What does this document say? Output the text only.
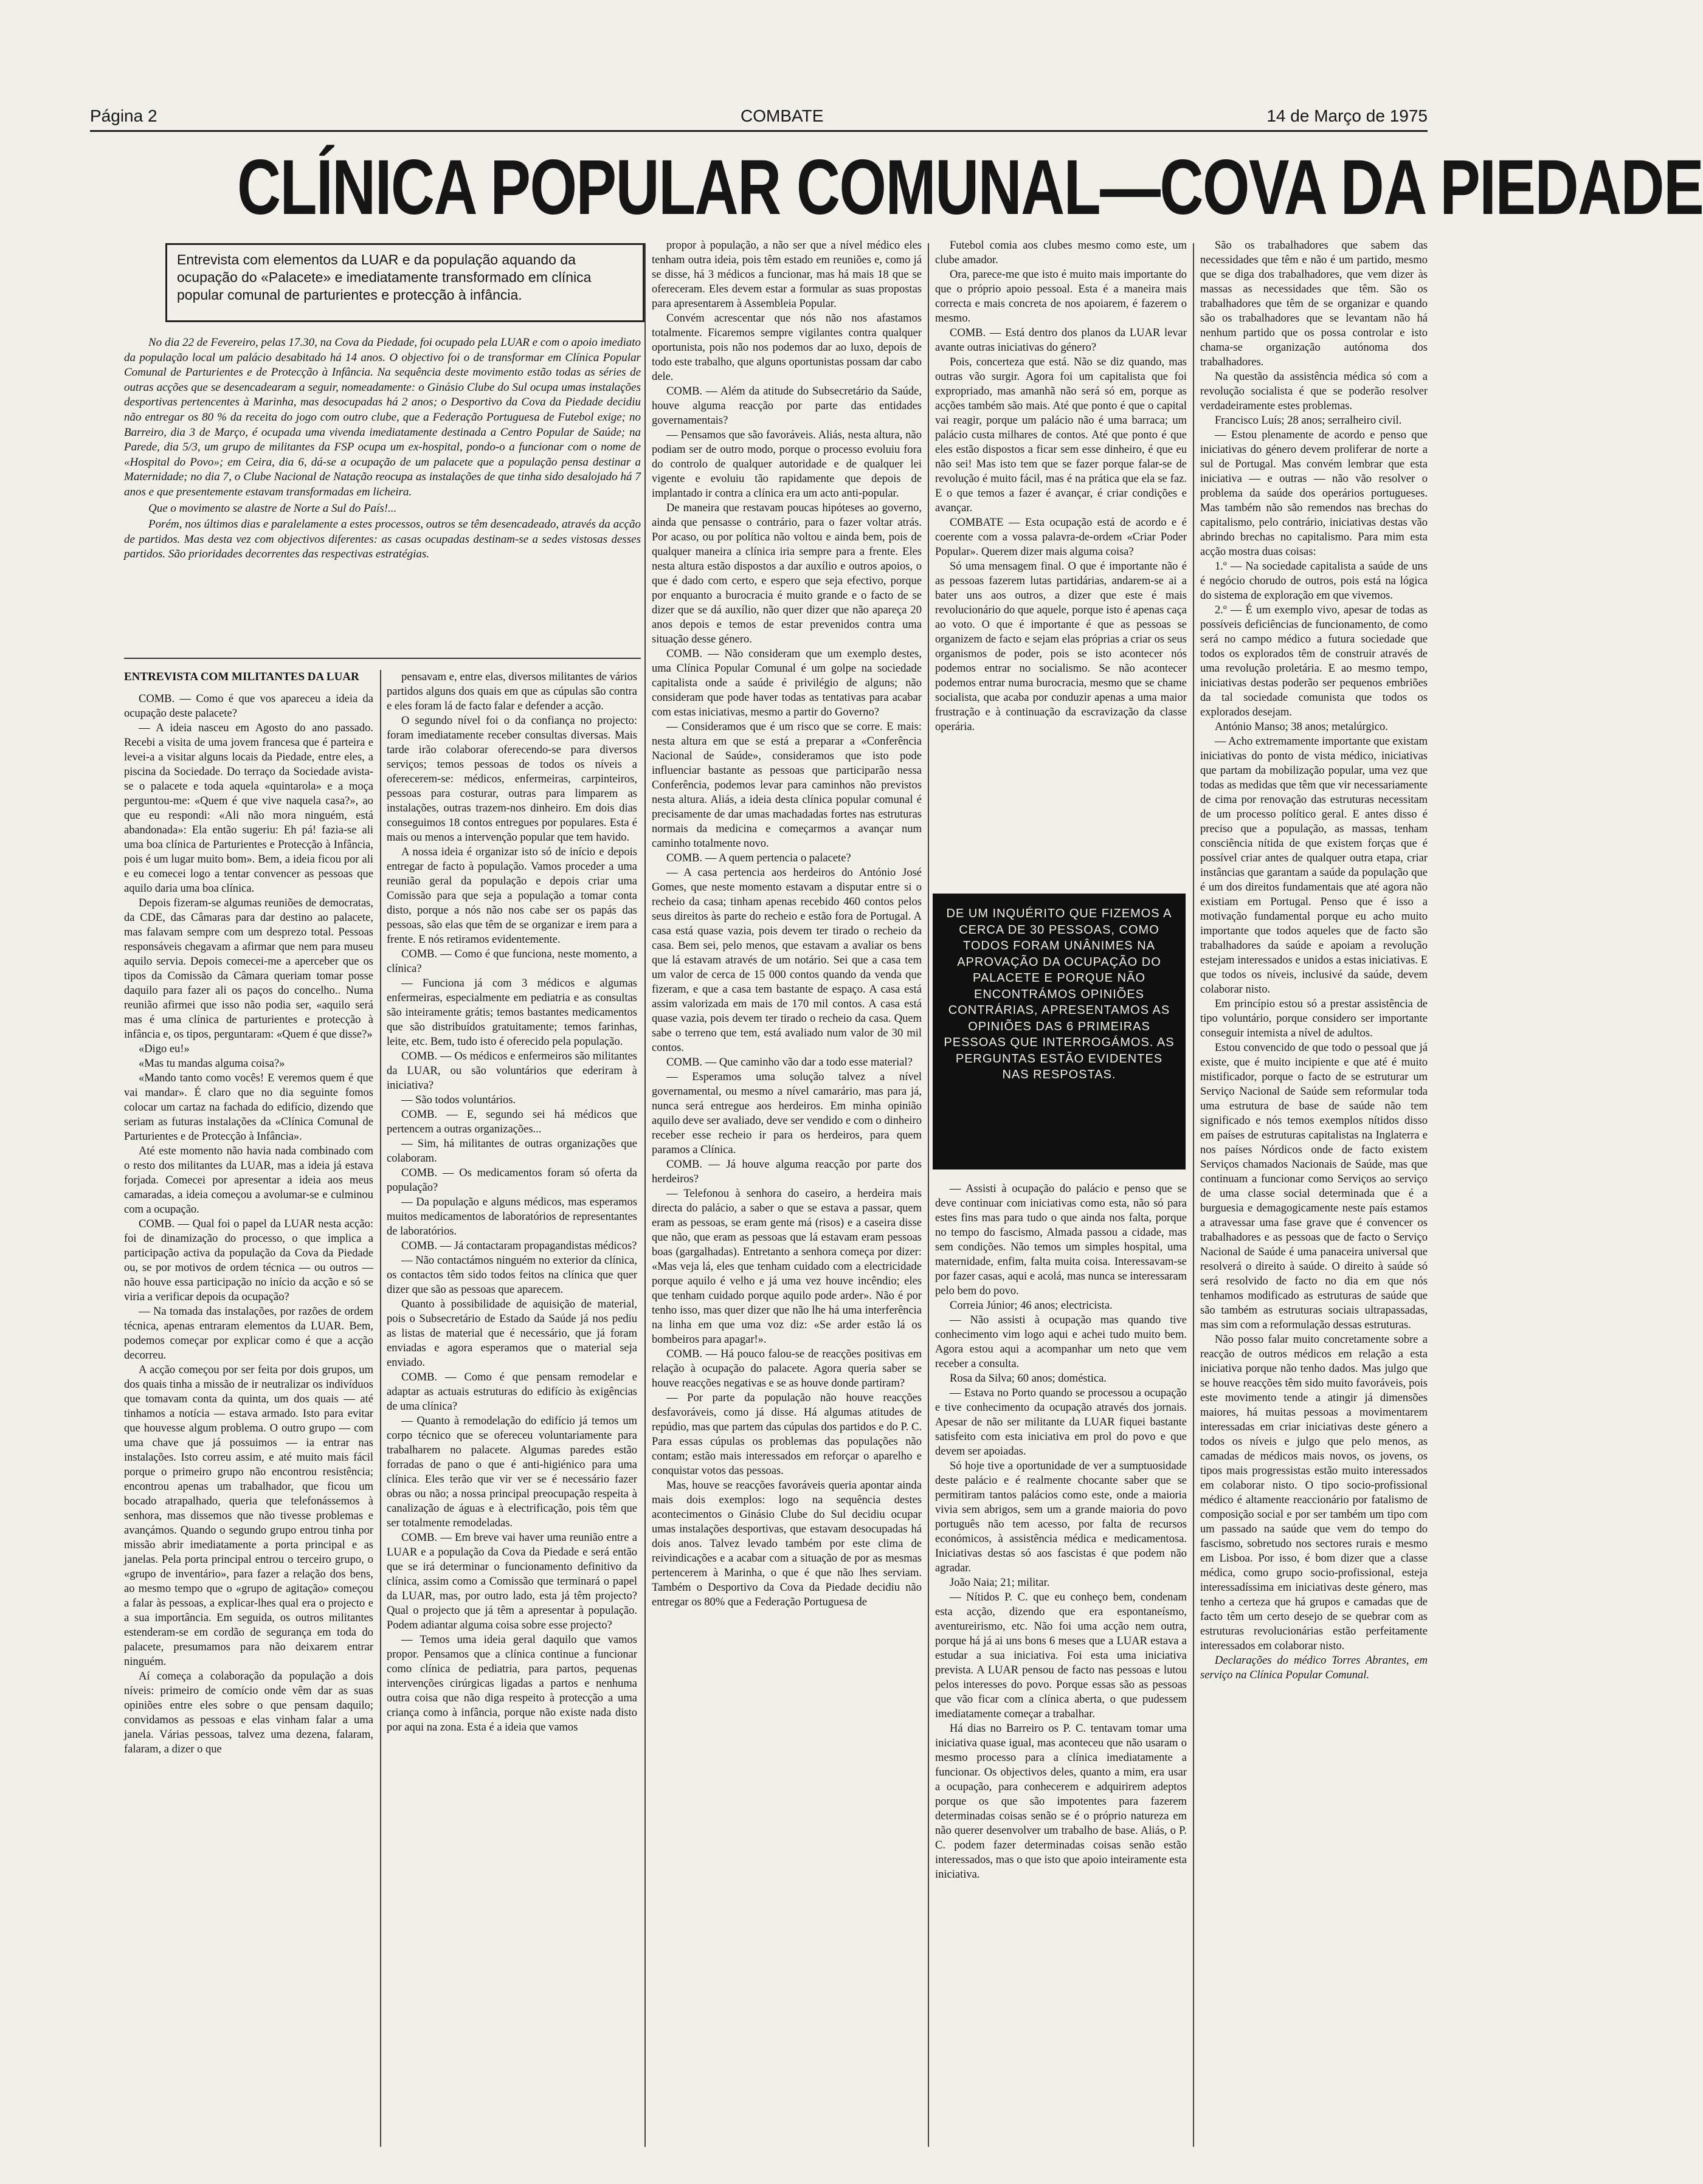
Página 2	COMBATE	14 de Março de 1975
CLÍNICA POPULAR COMUNAL—COVA DA PIEDADE
Entrevista com elementos da LUAR e da população aquando da ocupação do «Palacete» e imediatamente transformado em clínica popular comunal de parturientes e protecção à infância.

No dia 22 de Fevereiro, pelas 17.30, na Cova da Piedade, foi ocupado pela LUAR e com o apoio imediato da população local um palácio desabitado há 14 anos. O objectivo foi o de transformar em Clínica Popular Comunal de Parturientes e de Protecção à Infância. Na sequência deste movimento estão todas as séries de outras acções que se desencadearam a seguir, nomeadamente: o Ginásio Clube do Sul ocupa umas instalações desportivas pertencentes à Marinha, mas desocupadas há 2 anos; o Desportivo da Cova da Piedade decidiu não entregar os 80 % da receita do jogo com outro clube, que a Federação Portuguesa de Futebol exige; no Barreiro, dia 3 de Março, é ocupada uma vivenda imediatamente destinada a Centro Popular de Saúde; na Parede, dia 5/3, um grupo de militantes da FSP ocupa um ex-hospital, pondo-o a funcionar com o nome de «Hospital do Povo»; em Ceira, dia 6, dá-se a ocupação de um palacete que a população pensa destinar a Maternidade; no dia 7, o Clube Nacional de Natação reocupa as instalações de que tinha sido desalojado há 7 anos e que presentemente estavam transformadas em licheira.

Que o movimento se alastre de Norte a Sul do País!...

Porém, nos últimos dias e paralelamente a estes processos, outros se têm desencadeado, através da acção de partidos. Mas desta vez com objectivos diferentes: as casas ocupadas destinam-se a sedes vistosas desses partidos. São prioridades decorrentes das respectivas estratégias.

ENTREVISTA COM MILITANTES DA LUAR

COMB. — Como é que vos apareceu a ideia da ocupação deste palacete?

— A ideia nasceu em Agosto do ano passado. Recebi a visita de uma jovem francesa que é parteira e levei-a a visitar alguns locais da Piedade, entre eles, a piscina da Sociedade. Do terraço da Sociedade avista-se o palacete e toda aquela «quintarola» e a moça perguntou-me: «Quem é que vive naquela casa?», ao que eu respondi: «Ali não mora ninguém, está abandonada»: Ela então sugeriu: Eh pá! fazia-se ali uma boa clínica de Parturientes e Protecção à Infância, pois é um lugar muito bom». Bem, a ideia ficou por ali e eu comecei logo a tentar convencer as pessoas que aquilo daria uma boa clínica.

Depois fizeram-se algumas reuniões de democratas, da CDE, das Câmaras para dar destino ao palacete, mas falavam sempre com um desprezo total. Pessoas responsáveis chegavam a afirmar que nem para museu aquilo servia. Depois comecei-me a aperceber que os tipos da Comissão da Câmara queriam tomar posse daquilo para fazer ali os paços do concelho.. Numa reunião afirmei que isso não podia ser, «aquilo será mas é uma clínica de parturientes e protecção à infância e, os tipos, perguntaram: «Quem é que disse?»

«Digo eu!»

«Mas tu mandas alguma coisa?»

«Mando tanto como vocês! E veremos quem é que vai mandar». É claro que no dia seguinte fomos colocar um cartaz na fachada do edifício, dizendo que seriam as futuras instalações da «Clínica Comunal de Parturientes e de Protecção à Infância».

Até este momento não havia nada combinado com o resto dos militantes da LUAR, mas a ideia já estava forjada. Comecei por apresentar a ideia aos meus camaradas, a ideia começou a avolumar-se e culminou com a ocupação.

COMB. — Qual foi o papel da LUAR nesta acção: foi de dinamização do processo, o que implica a participação activa da população da Cova da Piedade ou, se por motivos de ordem técnica — ou outros — não houve essa participação no início da acção e só se viria a verificar depois da ocupação?

— Na tomada das instalações, por razões de ordem técnica, apenas entraram elementos da LUAR. Bem, podemos começar por explicar como é que a acção decorreu.

A acção começou por ser feita por dois grupos, um dos quais tinha a missão de ir neutralizar os indivíduos que tomavam conta da quinta, um dos quais — até tinhamos a notícia — estava armado. Isto para evitar que houvesse algum problema. O outro grupo — com uma chave que já possuimos — ia entrar nas instalações. Isto correu assim, e até muito mais fácil porque o primeiro grupo não encontrou resistência; encontrou apenas um trabalhador, que ficou um bocado atrapalhado, queria que telefonássemos à senhora, mas dissemos que não tivesse problemas e avançámos. Quando o segundo grupo entrou tinha por missão abrir imediatamente a porta principal e as janelas. Pela porta principal entrou o terceiro grupo, o «grupo de inventário», para fazer a relação dos bens, ao mesmo tempo que o «grupo de agitação» começou a falar às pessoas, a explicar-lhes qual era o projecto e a sua importância. Em seguida, os outros militantes estenderam-se em cordão de segurança em toda do palacete, presumamos para não deixarem entrar ninguém.

Aí começa a colaboração da população a dois níveis: primeiro de comício onde vêm dar as suas opiniões entre eles sobre o que pensam daquilo; convidamos as pessoas e elas vinham falar a uma janela. Várias pessoas, talvez uma dezena, falaram, falaram, a dizer o que

pensavam e, entre elas, diversos militantes de vários partidos alguns dos quais em que as cúpulas são contra e eles foram lá de facto falar e defender a acção.

O segundo nível foi o da confiança no projecto: foram imediatamente receber consultas diversas. Mais tarde irão colaborar oferecendo-se para diversos serviços; temos pessoas de todos os níveis a oferecerem-se: médicos, enfermeiras, carpinteiros, pessoas para costurar, outras para limparem as instalações, outras trazem-nos dinheiro. Em dois dias conseguimos 18 contos entregues por populares. Esta é mais ou menos a intervenção popular que tem havido.

A nossa ideia é organizar isto só de início e depois entregar de facto à população. Vamos proceder a uma reunião geral da população e depois criar uma Comissão para que seja a população a tomar conta disto, porque a nós não nos cabe ser os papás das pessoas, são elas que têm de se organizar e irem para a frente. E nós retiramos evidentemente.

COMB. — Como é que funciona, neste momento, a clínica?

— Funciona já com 3 médicos e algumas enfermeiras, especialmente em pediatria e as consultas são inteiramente grátis; temos bastantes medicamentos que são distribuídos gratuitamente; temos farinhas, leite, etc. Bem, tudo isto é oferecido pela população.

COMB. — Os médicos e enfermeiros são militantes da LUAR, ou são voluntários que ederiram à iniciativa?

— São todos voluntários.

COMB. — E, segundo sei há médicos que pertencem a outras organizações...

— Sim, há militantes de outras organizações que colaboram.

COMB. — Os medicamentos foram só oferta da população?

— Da população e alguns médicos, mas esperamos muitos medicamentos de laboratórios de representantes de laboratórios.

COMB. — Já contactaram propagandistas médicos?

— Não contactámos ninguém no exterior da clínica, os contactos têm sido todos feitos na clínica que quer dizer que são as pessoas que aparecem.

Quanto à possibilidade de aquisição de material, pois o Subsecretário de Estado da Saúde já nos pediu as listas de material que é necessário, que já foram enviadas e agora esperamos que o material seja enviado.

COMB. — Como é que pensam remodelar e adaptar as actuais estruturas do edifício às exigências de uma clínica?

— Quanto à remodelação do edifício já temos um corpo técnico que se ofereceu voluntariamente para trabalharem no palacete. Algumas paredes estão forradas de pano o que é anti-higiénico para uma clínica. Eles terão que vir ver se é necessário fazer obras ou não; a nossa principal preocupação respeita à canalização de águas e à electrificação, pois têm que ser totalmente remodeladas.

COMB. — Em breve vai haver uma reunião entre a LUAR e a população da Cova da Piedade e será então que se irá determinar o funcionamento definitivo da clínica, assim como a Comissão que terminará o papel da LUAR, mas, por outro lado, esta já têm projecto? Qual o projecto que já têm a apresentar à população. Podem adiantar alguma coisa sobre esse projecto?

— Temos uma ideia geral daquilo que vamos propor. Pensamos que a clínica continue a funcionar como clínica de pediatria, para partos, pequenas intervenções cirúrgicas ligadas a partos e nenhuma outra coisa que não diga respeito à protecção a uma criança como à infância, porque não existe nada disto por aqui na zona. Esta é a ideia que vamos

propor à população, a não ser que a nível médico eles tenham outra ideia, pois têm estado em reuniões e, como já se disse, há 3 médicos a funcionar, mas há mais 18 que se ofereceram. Eles devem estar a formular as suas propostas para apresentarem à Assembleia Popular.

Convém acrescentar que nós não nos afastamos totalmente. Ficaremos sempre vigilantes contra qualquer oportunista, pois não nos podemos dar ao luxo, depois de todo este trabalho, que alguns oportunistas possam dar cabo dele.

COMB. — Além da atitude do Subsecretário da Saúde, houve alguma reacção por parte das entidades governamentais?

— Pensamos que são favoráveis. Aliás, nesta altura, não podiam ser de outro modo, porque o processo evoluiu fora do controlo de qualquer autoridade e de qualquer lei vigente e evoluiu tão rapidamente que depois de implantado ir contra a clínica era um acto anti-popular.

De maneira que restavam poucas hipóteses ao governo, ainda que pensasse o contrário, para o fazer voltar atrás. Por acaso, ou por política não voltou e ainda bem, pois de qualquer maneira a clínica iria sempre para a frente. Eles nesta altura estão dispostos a dar auxílio e outros apoios, o que é dado com certo, e espero que seja efectivo, porque por enquanto a burocracia é muito grande e o facto de se dizer que se dá auxílio, não quer dizer que não apareça 20 anos depois e temos de estar prevenidos contra uma situação desse género.

COMB. — Não consideram que um exemplo destes, uma Clínica Popular Comunal é um golpe na sociedade capitalista onde a saúde é privilégio de alguns; não consideram que pode haver todas as tentativas para acabar com estas iniciativas, mesmo a partir do Governo?

— Consideramos que é um risco que se corre. E mais: nesta altura em que se está a preparar a «Conferência Nacional de Saúde», consideramos que isto pode influenciar bastante as pessoas que participarão nessa Conferência, podemos levar para caminhos não previstos nesta altura. Aliás, a ideia desta clínica popular comunal é precisamente de dar umas machadadas fortes nas estruturas normais da medicina e começarmos a avançar num caminho totalmente novo.

COMB. — A quem pertencia o palacete?

— A casa pertencia aos herdeiros do António José Gomes, que neste momento estavam a disputar entre si o recheio da casa; tinham apenas recebido 460 contos pelos seus direitos às parte do recheio e estão fora de Portugal. A casa está quase vazia, pois devem ter tirado o recheio da casa. Bem sei, pelo menos, que estavam a avaliar os bens que lá estavam através de um notário. Sei que a casa tem um valor de cerca de 15 000 contos quando da venda que fizeram, e que a casa tem bastante de espaço. A casa está assim valorizada em mais de 170 mil contos. A casa está quase vazia, pois devem ter tirado o recheio da casa. Quem sabe o terreno que tem, está avaliado num valor de 30 mil contos.

COMB. — Que caminho vão dar a todo esse material?

— Esperamos uma solução talvez a nível governamental, ou mesmo a nível camarário, mas para já, nunca será entregue aos herdeiros. Em minha opinião aquilo deve ser avaliado, deve ser vendido e com o dinheiro receber esse recheio ir para os herdeiros, para quem paramos a Clínica.

COMB. — Já houve alguma reacção por parte dos herdeiros?

— Telefonou à senhora do caseiro, a herdeira mais directa do palácio, a saber o que se estava a passar, quem eram as pessoas, se eram gente má (risos) e a caseira disse que não, que eram as pessoas que lá estavam eram pessoas boas (gargalhadas). Entretanto a senhora começa por dizer: «Mas veja lá, eles que tenham cuidado com a electricidade porque aquilo é velho e já uma vez houve incêndio; eles que tenham cuidado porque aquilo pode arder». Não é por tenho isso, mas quer dizer que não lhe há uma interferência na linha em que uma voz diz: «Se arder estão lá os bombeiros para apagar!».

COMB. — Há pouco falou-se de reacções positivas em relação à ocupação do palacete. Agora queria saber se houve reacções negativas e se as houve donde partiram?

— Por parte da população não houve reacções desfavoráveis, como já disse. Há algumas atitudes de repúdio, mas que partem das cúpulas dos partidos e do P. C. Para essas cúpulas os problemas das populações não contam; estão mais interessados em reforçar o aparelho e conquistar votos das pessoas.

Mas, houve se reacções favoráveis queria apontar ainda mais dois exemplos: logo na sequência destes acontecimentos o Ginásio Clube do Sul decidiu ocupar umas instalações desportivas, que estavam desocupadas há dois anos. Talvez levado também por este clima de reivindicações e a acabar com a situação de por as mesmas pertencerem à Marinha, o que é que não lhes serviam. Também o Desportivo da Cova da Piedade decidiu não entregar os 80% que a Federação Portuguesa de

Futebol comia aos clubes mesmo como este, um clube amador.

Ora, parece-me que isto é muito mais importante do que o próprio apoio pessoal. Esta é a maneira mais correcta e mais concreta de nos apoiarem, é fazerem o mesmo.

COMB. — Está dentro dos planos da LUAR levar avante outras iniciativas do género?

Pois, concerteza que está. Não se diz quando, mas outras vão surgir. Agora foi um capitalista que foi expropriado, mas amanhã não será só em, porque as acções também são mais. Até que ponto é que o capital vai reagir, porque um palácio não é uma barraca; um palácio custa milhares de contos. Até que ponto é que eles estão dispostos a ficar sem esse dinheiro, é que eu não sei! Mas isto tem que se fazer porque falar-se de revolução é muito fácil, mas é na prática que ela se faz. E o que temos a fazer é avançar, é criar condições e avançar.

COMBATE — Esta ocupação está de acordo e é coerente com a vossa palavra-de-ordem «Criar Poder Popular». Querem dizer mais alguma coisa?

Só uma mensagem final. O que é importante não é as pessoas fazerem lutas partidárias, andarem-se ai a bater uns aos outros, a dizer que este é mais revolucionário do que aquele, porque isto é apenas caça ao voto. O que é importante é que as pessoas se organizem de facto e sejam elas próprias a criar os seus organismos de poder, pois se isto acontecer nós podemos entrar no socialismo. Se não acontecer podemos entrar numa burocracia, mesmo que se chame socialista, que acaba por conduzir apenas a uma maior frustração e à continuação da escravização da classe operária.

DE UM INQUÉRITO QUE FIZEMOS A CERCA DE 30 PESSOAS, COMO TODOS FORAM UNÂNIMES NA APROVAÇÃO DA OCUPAÇÃO DO PALACETE E PORQUE NÃO ENCONTRÁMOS OPINIÕES CONTRÁRIAS, APRESENTAMOS AS OPINIÕES DAS 6 PRIMEIRAS PESSOAS QUE INTERROGÁMOS. AS PERGUNTAS ESTÃO EVIDENTES NAS RESPOSTAS.

— Assisti à ocupação do palácio e penso que se deve continuar com iniciativas como esta, não só para estes fins mas para tudo o que ainda nos falta, porque no tempo do fascismo, Almada passou a cidade, mas sem condições. Não temos um simples hospital, uma maternidade, enfim, falta muita coisa. Interessavam-se por fazer casas, aqui e acolá, mas nunca se interessaram pelo bem do povo.

Correia Júnior; 46 anos; electricista.

— Não assisti à ocupação mas quando tive conhecimento vim logo aqui e achei tudo muito bem. Agora estou aqui a acompanhar um neto que vem receber a consulta.

Rosa da Silva; 60 anos; doméstica.

— Estava no Porto quando se processou a ocupação e tive conhecimento da ocupação através dos jornais. Apesar de não ser militante da LUAR fiquei bastante satisfeito com esta iniciativa em prol do povo e que devem ser apoiadas.

Só hoje tive a oportunidade de ver a sumptuosidade deste palácio e é realmente chocante saber que se permitiram tantos palácios como este, onde a maioria vivia sem abrigos, sem um a grande maioria do povo português não tem acesso, por falta de recursos económicos, à assistência médica e medicamentosa. Iniciativas destas só aos fascistas é que podem não agradar.

João Naia; 21; militar.

— Nítidos P. C. que eu conheço bem, condenam esta acção, dizendo que era espontaneísmo, aventureirismo, etc. Não foi uma acção nem outra, porque há já ai uns bons 6 meses que a LUAR estava a estudar a sua iniciativa. Foi esta uma iniciativa prevista. A LUAR pensou de facto nas pessoas e lutou pelos interesses do povo. Porque essas são as pessoas que vão ficar com a clínica aberta, o que pudessem imediatamente começar a trabalhar.

Há dias no Barreiro os P. C. tentavam tomar uma iniciativa quase igual, mas aconteceu que não usaram o mesmo processo para a clínica imediatamente a funcionar. Os objectivos deles, quanto a mim, era usar a ocupação, para conhecerem e adquirirem adeptos porque os que são impotentes para fazerem determinadas coisas senão se é o próprio natureza em não querer desenvolver um trabalho de base. Aliás, o P. C. podem fazer determinadas coisas senão estão interessados, mas o que isto que apoio inteiramente esta iniciativa.

São os trabalhadores que sabem das necessidades que têm e não é um partido, mesmo que se diga dos trabalhadores, que vem dizer às massas as necessidades que têm. São os trabalhadores que têm de se organizar e quando são os trabalhadores que se levantam não há nenhum partido que os possa controlar e isto chama-se organização autónoma dos trabalhadores.

Na questão da assistência médica só com a revolução socialista é que se poderão resolver verdadeiramente estes problemas.

Francisco Luís; 28 anos; serralheiro civil.

— Estou plenamente de acordo e penso que iniciativas do género devem proliferar de norte a sul de Portugal. Mas convém lembrar que esta iniciativa — e outras — não vão resolver o problema da saúde dos operários portugueses. Mas também não são remendos nas brechas do capitalismo, pelo contrário, iniciativas destas vão abrindo brechas no capitalismo. Para mim esta acção mostra duas coisas:

1.º — Na sociedade capitalista a saúde de uns é negócio chorudo de outros, pois está na lógica do sistema de exploração em que vivemos.

2.º — É um exemplo vivo, apesar de todas as possíveis deficiências de funcionamento, de como será no campo médico a futura sociedade que todos os explorados têm de construir através de uma revolução proletária. E ao mesmo tempo, iniciativas destas poderão ser pequenos embriões da tal sociedade comunista que todos os explorados desejam.

António Manso; 38 anos; metalúrgico.

— Acho extremamente importante que existam iniciativas do ponto de vista médico, iniciativas que partam da mobilização popular, uma vez que todas as medidas que têm que vir necessariamente de cima por renovação das estruturas necessitam de um processo político geral. E antes disso é preciso que a população, as massas, tenham consciência nítida de que existem forças que é possível criar antes de qualquer outra etapa, criar instâncias que garantam a saúde da população que é um dos direitos fundamentais que até agora não existiam em Portugal. Penso que é isso a motivação fundamental porque eu acho muito importante que todos aqueles que de facto são trabalhadores da saúde e apoiam a revolução estejam interessados e unidos a estas iniciativas. E que todos os níveis, inclusivé da saúde, devem colaborar nisto.

Em princípio estou só a prestar assistência de tipo voluntário, porque considero ser importante conseguir intemista a nível de adultos.

Estou convencido de que todo o pessoal que já existe, que é muito incipiente e que até é muito mistificador, porque o facto de se estruturar um Serviço Nacional de Saúde sem reformular toda uma estrutura de base de saúde não tem significado e nós temos exemplos nítidos disso em países de estruturas capitalistas na Inglaterra e nos países Nórdicos onde de facto existem Serviços chamados Nacionais de Saúde, mas que continuam a funcionar como Serviços ao serviço de uma classe social determinada que é a burguesia e demagogicamente neste país estamos a atravessar uma fase grave que é convencer os trabalhadores e as pessoas que de facto o Serviço Nacional de Saúde é uma panaceira universal que resolverá o direito à saúde. O direito à saúde só será resolvido de facto no dia em que nós tenhamos modificado as estruturas de saúde que são também as estruturas sociais ultrapassadas, mas sim com a reformulação dessas estruturas.

Não posso falar muito concretamente sobre a reacção de outros médicos em relação a esta iniciativa porque não tenho dados. Mas julgo que se houve reacções têm sido muito favoráveis, pois este movimento tende a atingir já dimensões maiores, há muitas pessoas a movimentarem interessadas em criar iniciativas deste género a todos os níveis e julgo que pelo menos, as camadas de médicos mais novos, os jovens, os tipos mais progressistas estão muito interessados em colaborar nisto. O tipo socio-profissional médico é altamente reaccionário por fatalismo de composição social e por ser também um tipo com um passado na saúde que vem do tempo do fascismo, sobretudo nos sectores rurais e mesmo em Lisboa. Por isso, é bom dizer que a classe médica, como grupo socio-profissional, esteja interessadíssima em iniciativas deste género, mas tenho a certeza que há grupos e camadas que de facto têm um certo desejo de se quebrar com as estruturas revolucionárias estão perfeitamente interessados em colaborar nisto.

Declarações do médico Torres Abrantes, em serviço na Clínica Popular Comunal.
